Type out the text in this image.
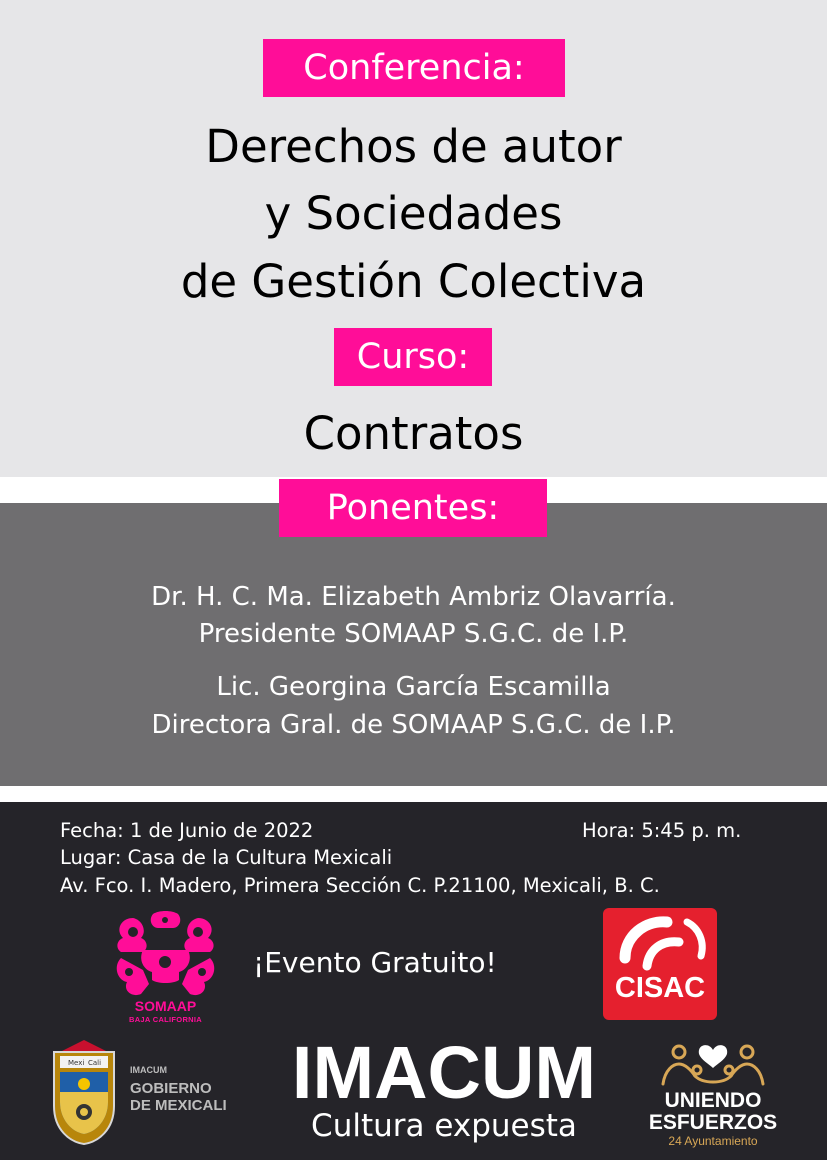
Conferencia:
Derechos de autor
y Sociedades
de Gestión Colectiva
Curso:
Contratos
Ponentes:
Dr. H. C. Ma. Elizabeth Ambriz Olavarría.
Presidente SOMAAP S.G.C. de I.P.
Lic. Georgina García Escamilla
Directora Gral. de SOMAAP S.G.C. de I.P.
Fecha: 1 de Junio de 2022	Hora: 5:45 p. m.
Lugar: Casa de la Cultura Mexicali
Av. Fco. I. Madero, Primera Sección C. P.21100, Mexicali, B. C.
SOMAAP
BAJA CALIFORNIA
¡Evento Gratuito!
CISAC
Mexi Cali
IMACUM
GOBIERNO
DE MEXICALI IMACUM
Cultura expuesta
UNIENDO
ESFUERZOS
24 Ayuntamiento
